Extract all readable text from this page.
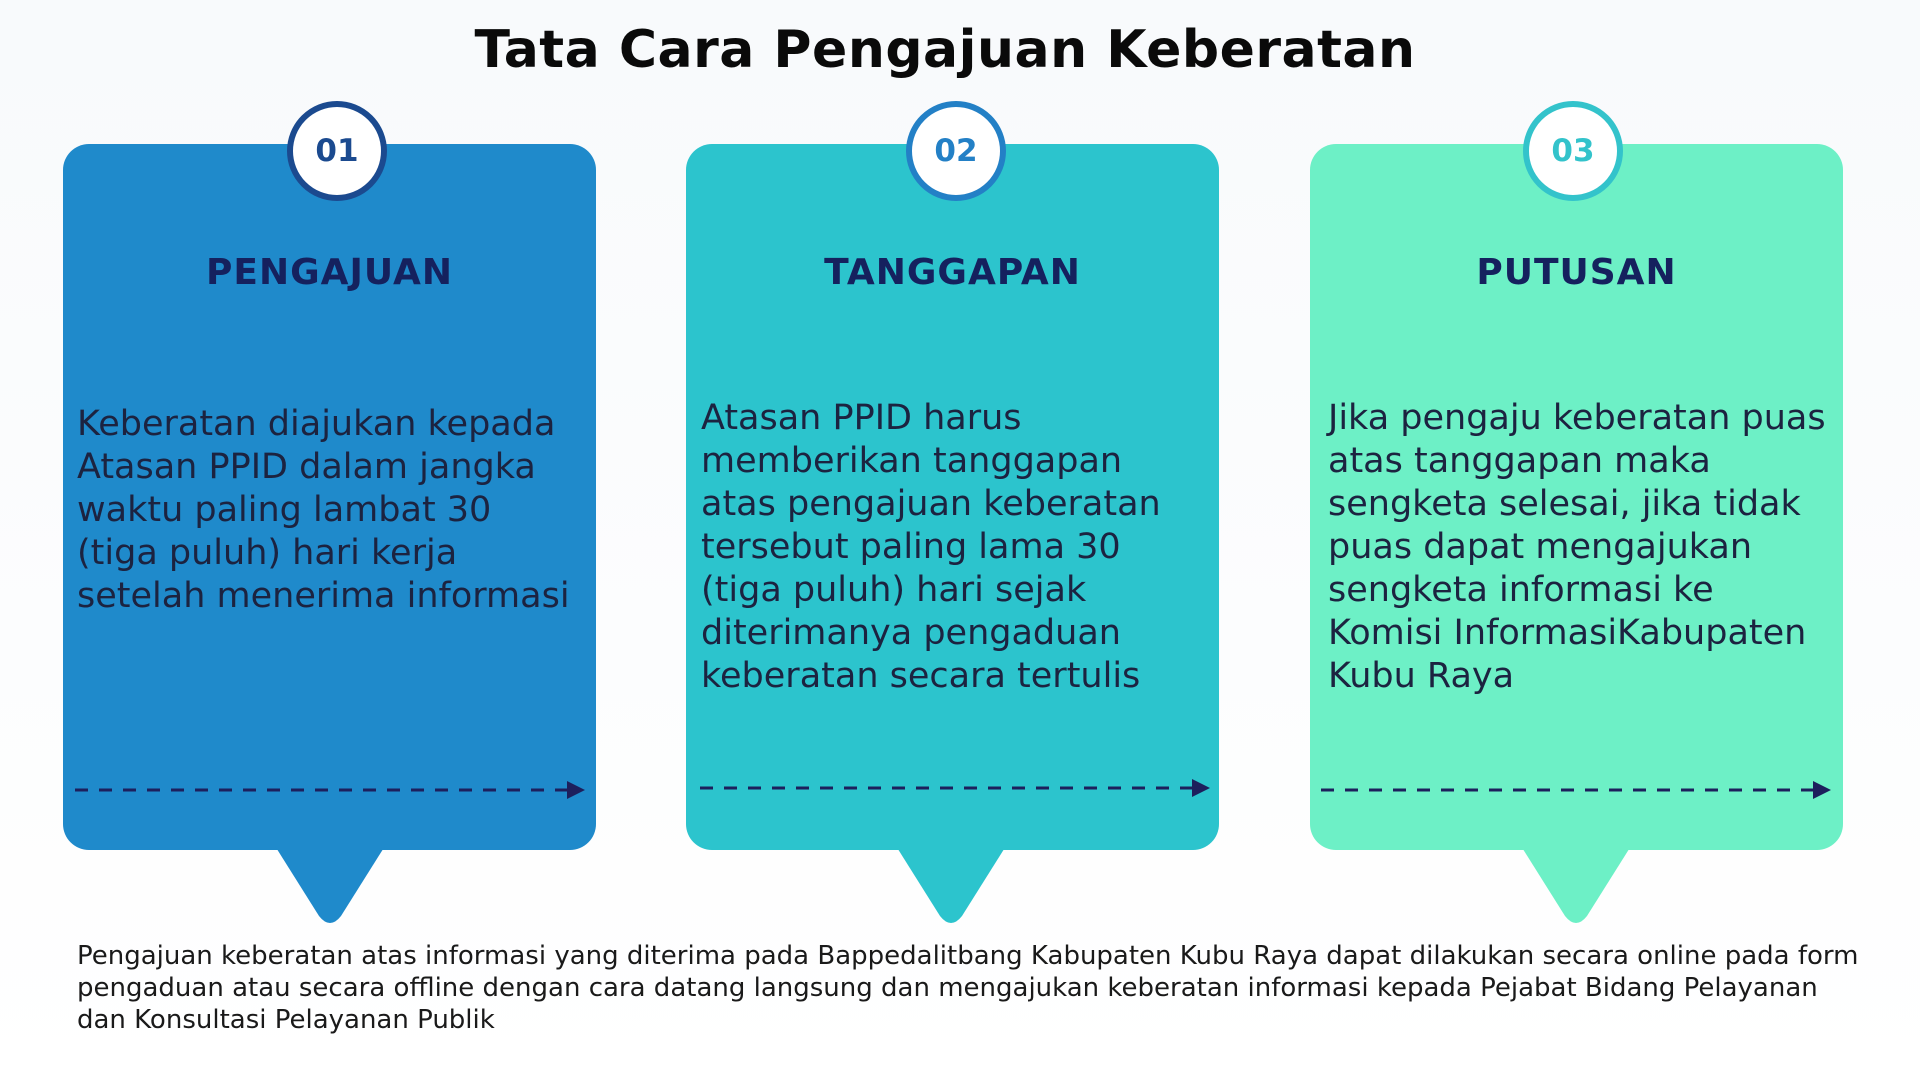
Tata Cara Pengajuan Keberatan
01
PENGAJUAN
Keberatan diajukan kepada Atasan PPID dalam jangka waktu paling lambat 30 (tiga puluh) hari kerja setelah menerima informasi
02
TANGGAPAN
Atasan PPID harus memberikan tanggapan atas pengajuan keberatan tersebut paling lama 30 (tiga puluh) hari sejak diterimanya pengaduan keberatan secara tertulis
03
PUTUSAN
Jika pengaju keberatan puas atas tanggapan maka sengketa selesai, jika tidak puas dapat mengajukan sengketa informasi ke Komisi InformasiKabupaten Kubu Raya

Pengajuan keberatan atas informasi yang diterima pada Bappedalitbang Kabupaten Kubu Raya dapat dilakukan secara online pada form pengaduan atau secara offline dengan cara datang langsung dan mengajukan keberatan informasi kepada Pejabat Bidang Pelayanan dan Konsultasi Pelayanan Publik
